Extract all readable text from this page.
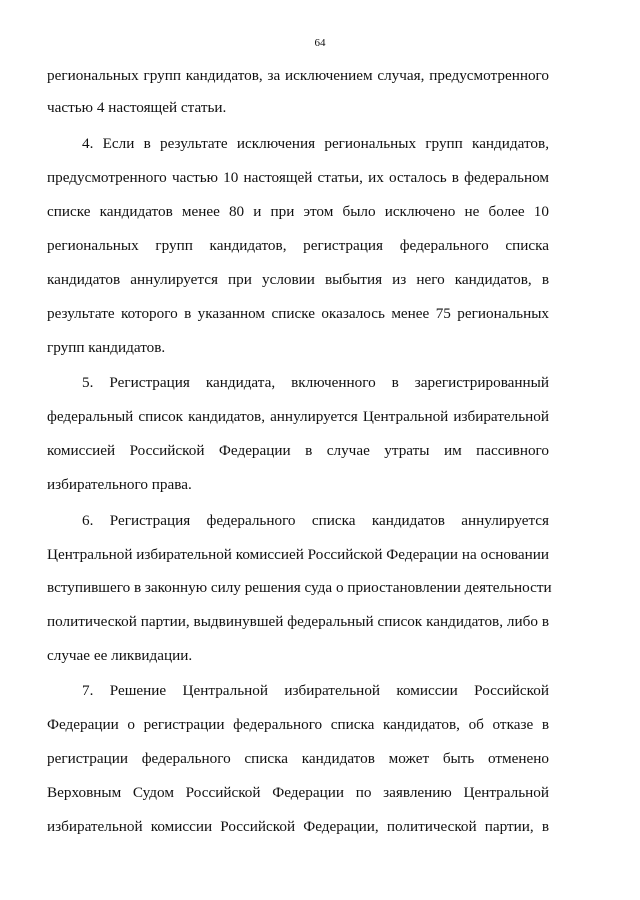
64
региональных групп кандидатов, за исключением случая, предусмотренного
частью 4 настоящей статьи.
4. Если в результате исключения региональных групп кандидатов,
предусмотренного частью 10 настоящей статьи, их осталось в федеральном
списке кандидатов менее 80 и при этом было исключено не более 10
региональных групп кандидатов, регистрация федерального списка
кандидатов аннулируется при условии выбытия из него кандидатов, в
результате которого в указанном списке оказалось менее 75 региональных
групп кандидатов.
5. Регистрация кандидата, включенного в зарегистрированный
федеральный список кандидатов, аннулируется Центральной избирательной
комиссией Российской Федерации в случае утраты им пассивного
избирательного права.
6. Регистрация федерального списка кандидатов аннулируется
Центральной избирательной комиссией Российской Федерации на основании
вступившего в законную силу решения суда о приостановлении деятельности
политической партии, выдвинувшей федеральный список кандидатов, либо в
случае ее ликвидации.
7. Решение Центральной избирательной комиссии Российской
Федерации о регистрации федерального списка кандидатов, об отказе в
регистрации федерального списка кандидатов может быть отменено
Верховным Судом Российской Федерации по заявлению Центральной
избирательной комиссии Российской Федерации, политической партии, в
